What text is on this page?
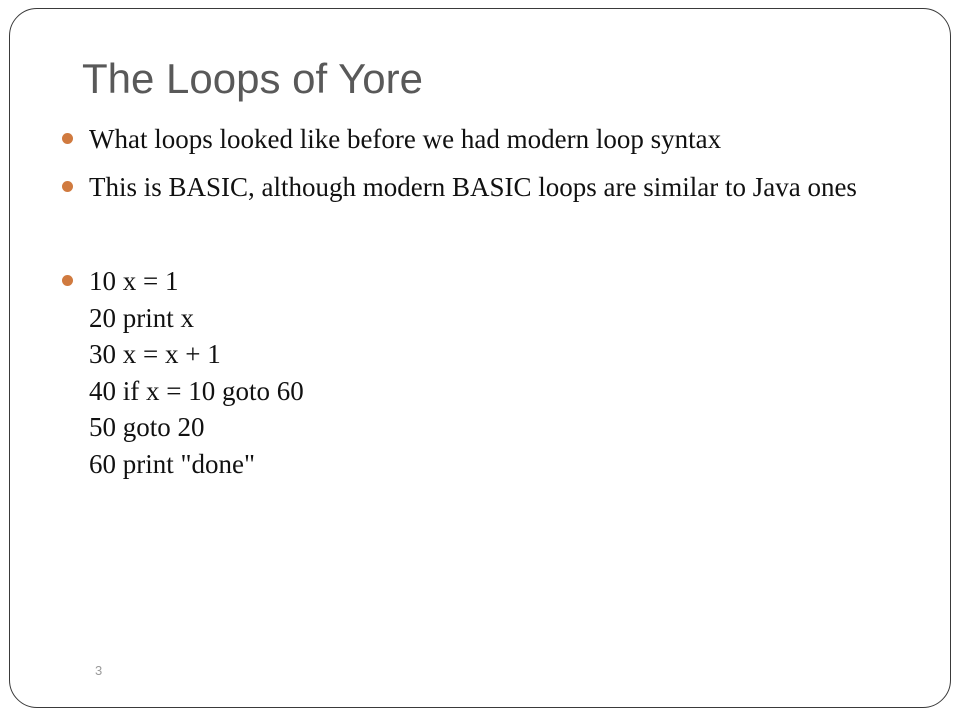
The Loops of Yore
What loops looked like before we had modern loop syntax
This is BASIC, although modern BASIC loops are similar to Java ones
10 x = 1
20 print x
30 x = x + 1
40 if x = 10 goto 60
50 goto 20
60 print "done"
3
